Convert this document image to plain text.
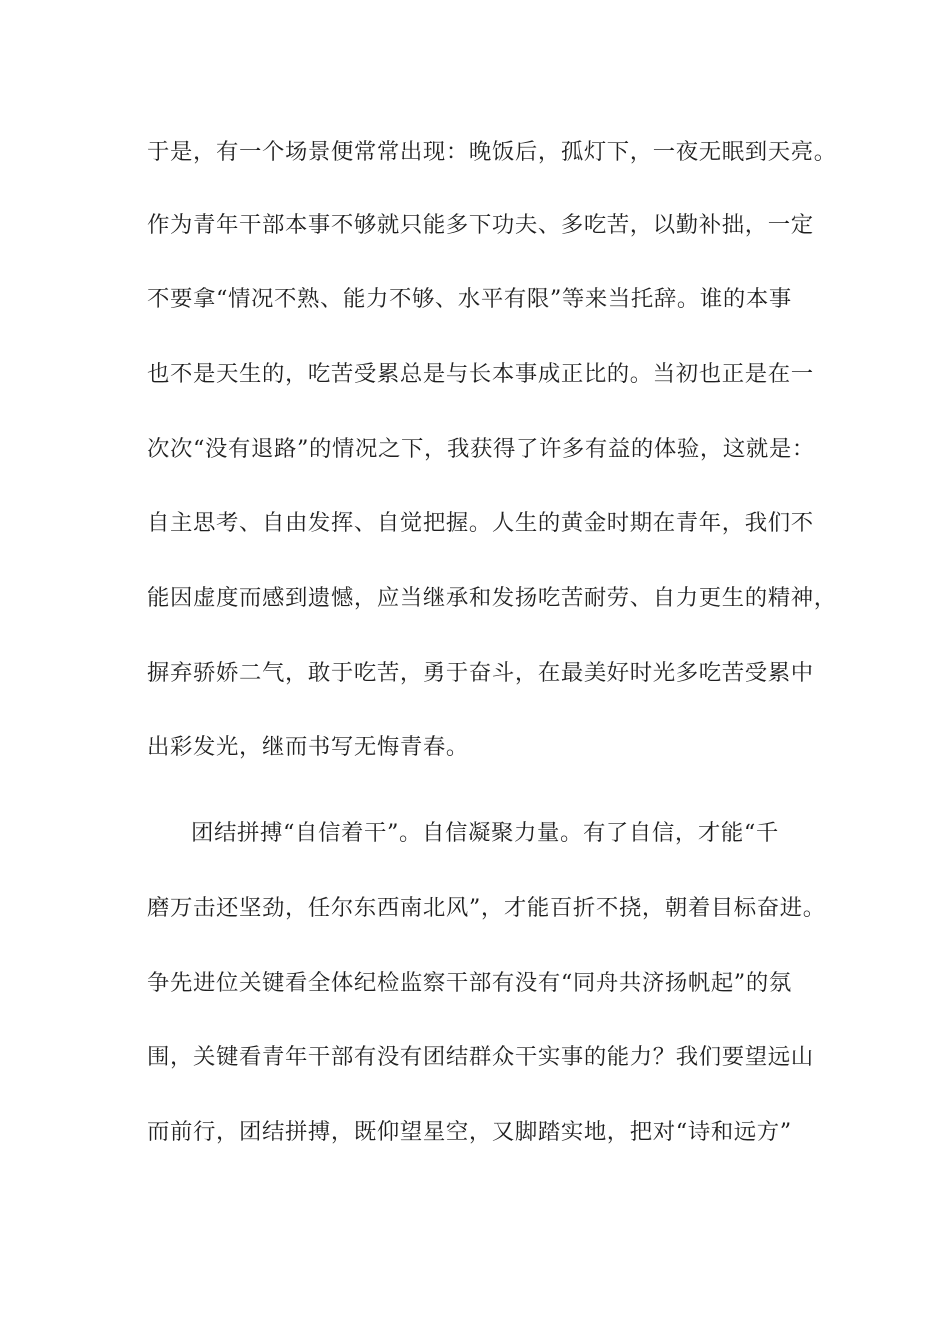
于是，有一个场景便常常出现：晚饭后，孤灯下，一夜无眠到天亮。
作为青年干部本事不够就只能多下功夫、多吃苦，以勤补拙，一定
不要拿“情况不熟、能力不够、水平有限”等来当托辞。谁的本事
也不是天生的，吃苦受累总是与长本事成正比的。当初也正是在一
次次“没有退路”的情况之下，我获得了许多有益的体验，这就是：
自主思考、自由发挥、自觉把握。人生的黄金时期在青年，我们不
能因虚度而感到遗憾，应当继承和发扬吃苦耐劳、自力更生的精神，
摒弃骄娇二气，敢于吃苦，勇于奋斗，在最美好时光多吃苦受累中
出彩发光，继而书写无悔青春。
团结拼搏“自信着干”。自信凝聚力量。有了自信，才能“千
磨万击还坚劲，任尔东西南北风”，才能百折不挠，朝着目标奋进。
争先进位关键看全体纪检监察干部有没有“同舟共济扬帆起”的氛
围，关键看青年干部有没有团结群众干实事的能力？我们要望远山
而前行，团结拼搏，既仰望星空，又脚踏实地，把对“诗和远方”
